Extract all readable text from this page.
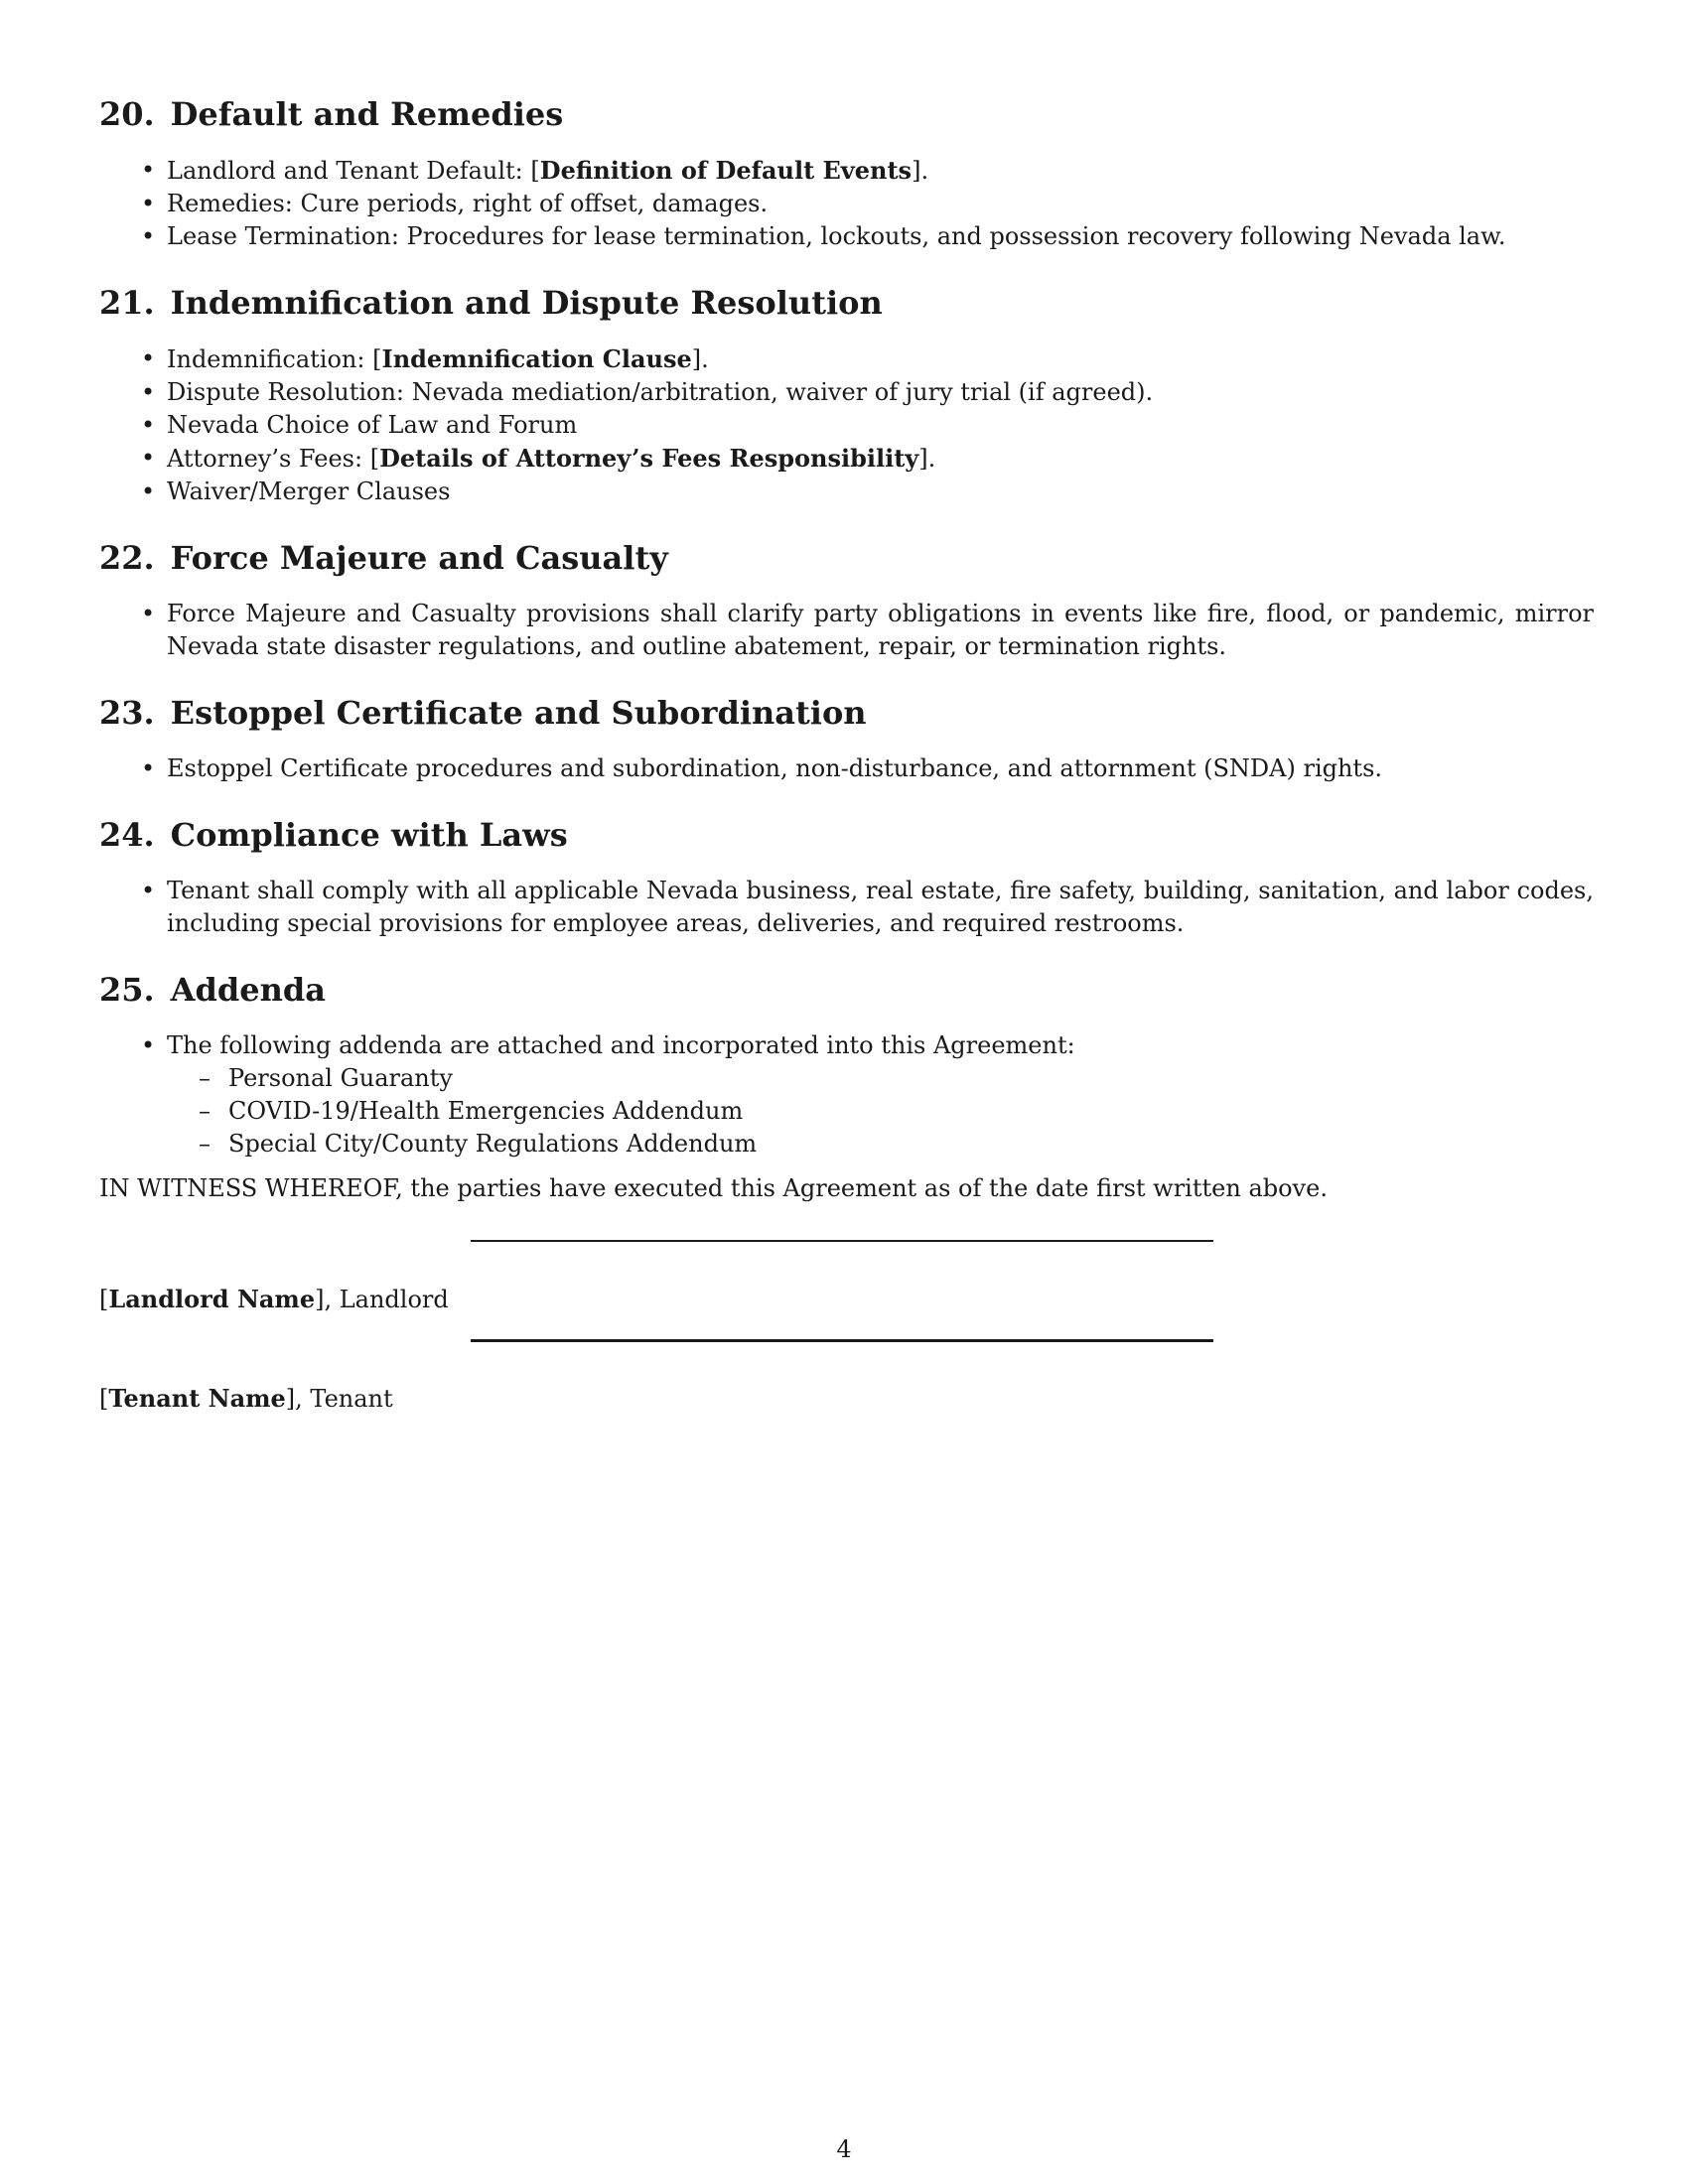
20. Default and Remedies
• Landlord and Tenant Default: [Definition of Default Events].
• Remedies: Cure periods, right of offset, damages.
• Lease Termination: Procedures for lease termination, lockouts, and possession recovery following Nevada law.
21. Indemnification and Dispute Resolution
• Indemnification: [Indemnification Clause].
• Dispute Resolution: Nevada mediation/arbitration, waiver of jury trial (if agreed).
• Nevada Choice of Law and Forum
• Attorney’s Fees: [Details of Attorney’s Fees Responsibility].
• Waiver/Merger Clauses
22. Force Majeure and Casualty
• Force Majeure and Casualty provisions shall clarify party obligations in events like fire, flood, or pandemic, mirror Nevada state disaster regulations, and outline abatement, repair, or termination rights.
23. Estoppel Certificate and Subordination
• Estoppel Certificate procedures and subordination, non-disturbance, and attornment (SNDA) rights.
24. Compliance with Laws
• Tenant shall comply with all applicable Nevada business, real estate, fire safety, building, sanitation, and labor codes, including special provisions for employee areas, deliveries, and required restrooms.
25. Addenda
• The following addenda are attached and incorporated into this Agreement:
– Personal Guaranty
– COVID-19/Health Emergencies Addendum
– Special City/County Regulations Addendum

IN WITNESS WHEREOF, the parties have executed this Agreement as of the date first written above.

[Landlord Name], Landlord
[Tenant Name], Tenant
4
